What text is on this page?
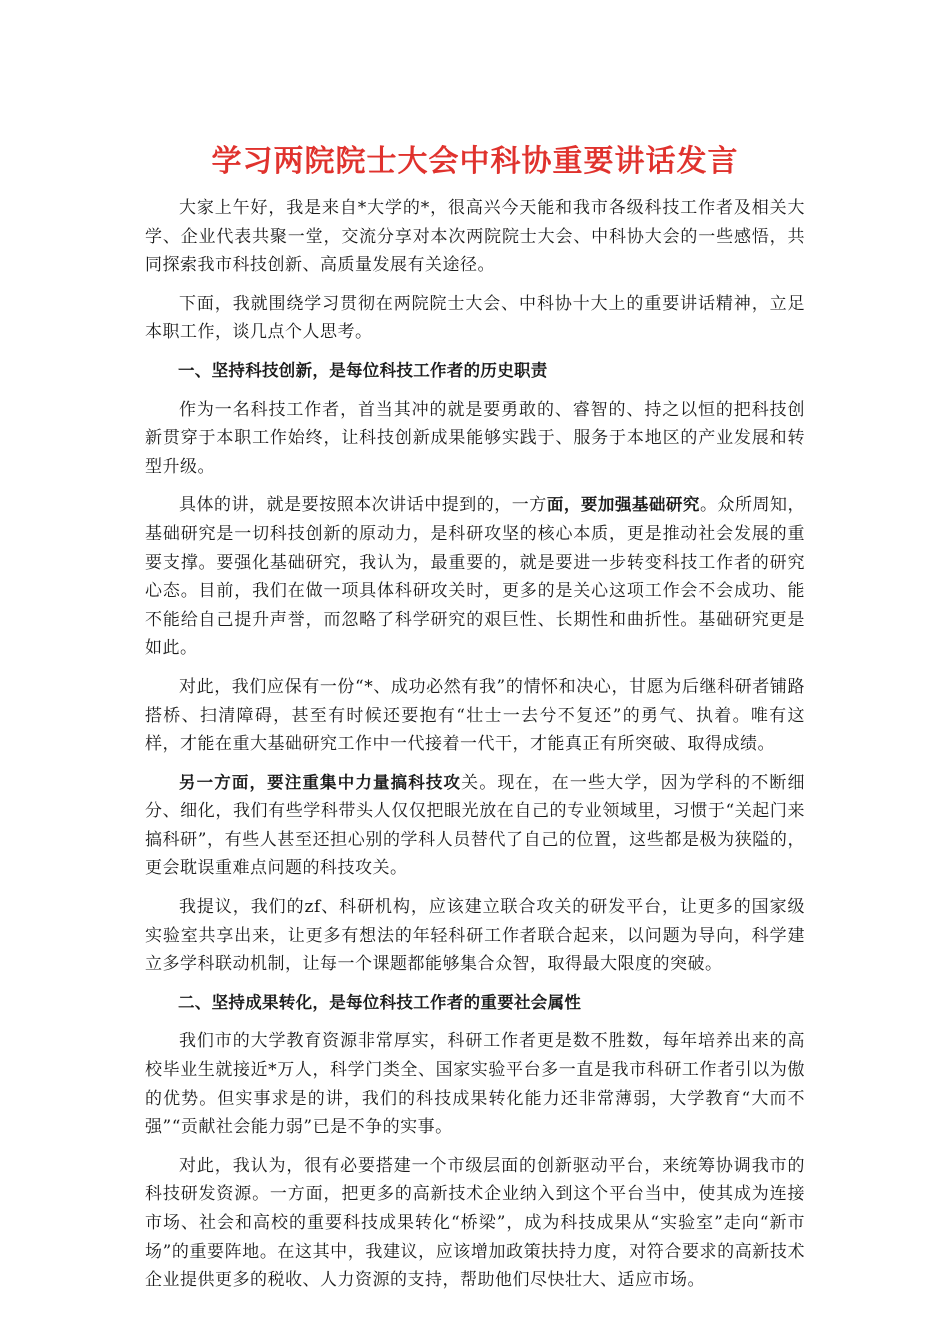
学习两院院士大会中科协重要讲话发言

大家上午好，我是来自*大学的*，很高兴今天能和我市各级科技工作者及相关大学、企业代表共聚一堂，交流分享对本次两院院士大会、中科协大会的一些感悟，共同探索我市科技创新、高质量发展有关途径。

下面，我就围绕学习贯彻在两院院士大会、中科协十大上的重要讲话精神，立足本职工作，谈几点个人思考。

一、坚持科技创新，是每位科技工作者的历史职责

作为一名科技工作者，首当其冲的就是要勇敢的、睿智的、持之以恒的把科技创新贯穿于本职工作始终，让科技创新成果能够实践于、服务于本地区的产业发展和转型升级。

具体的讲，就是要按照本次讲话中提到的，一方面，要加强基础研究。众所周知，基础研究是一切科技创新的原动力，是科研攻坚的核心本质，更是推动社会发展的重要支撑。要强化基础研究，我认为，最重要的，就是要进一步转变科技工作者的研究心态。目前，我们在做一项具体科研攻关时，更多的是关心这项工作会不会成功、能不能给自己提升声誉，而忽略了科学研究的艰巨性、长期性和曲折性。基础研究更是如此。

对此，我们应保有一份“*、成功必然有我”的情怀和决心，甘愿为后继科研者铺路搭桥、扫清障碍，甚至有时候还要抱有“壮士一去兮不复还”的勇气、执着。唯有这样，才能在重大基础研究工作中一代接着一代干，才能真正有所突破、取得成绩。

另一方面，要注重集中力量搞科技攻关。现在，在一些大学，因为学科的不断细分、细化，我们有些学科带头人仅仅把眼光放在自己的专业领域里，习惯于“关起门来搞科研”，有些人甚至还担心别的学科人员替代了自己的位置，这些都是极为狭隘的，更会耽误重难点问题的科技攻关。

我提议，我们的zf、科研机构，应该建立联合攻关的研发平台，让更多的国家级实验室共享出来，让更多有想法的年轻科研工作者联合起来，以问题为导向，科学建立多学科联动机制，让每一个课题都能够集合众智，取得最大限度的突破。

二、坚持成果转化，是每位科技工作者的重要社会属性

我们市的大学教育资源非常厚实，科研工作者更是数不胜数，每年培养出来的高校毕业生就接近*万人，科学门类全、国家实验平台多一直是我市科研工作者引以为傲的优势。但实事求是的讲，我们的科技成果转化能力还非常薄弱，大学教育“大而不强”“贡献社会能力弱”已是不争的实事。

对此，我认为，很有必要搭建一个市级层面的创新驱动平台，来统筹协调我市的科技研发资源。一方面，把更多的高新技术企业纳入到这个平台当中，使其成为连接市场、社会和高校的重要科技成果转化“桥梁”，成为科技成果从“实验室”走向“新市场”的重要阵地。在这其中，我建议，应该增加政策扶持力度，对符合要求的高新技术企业提供更多的税收、人力资源的支持，帮助他们尽快壮大、适应市场。
